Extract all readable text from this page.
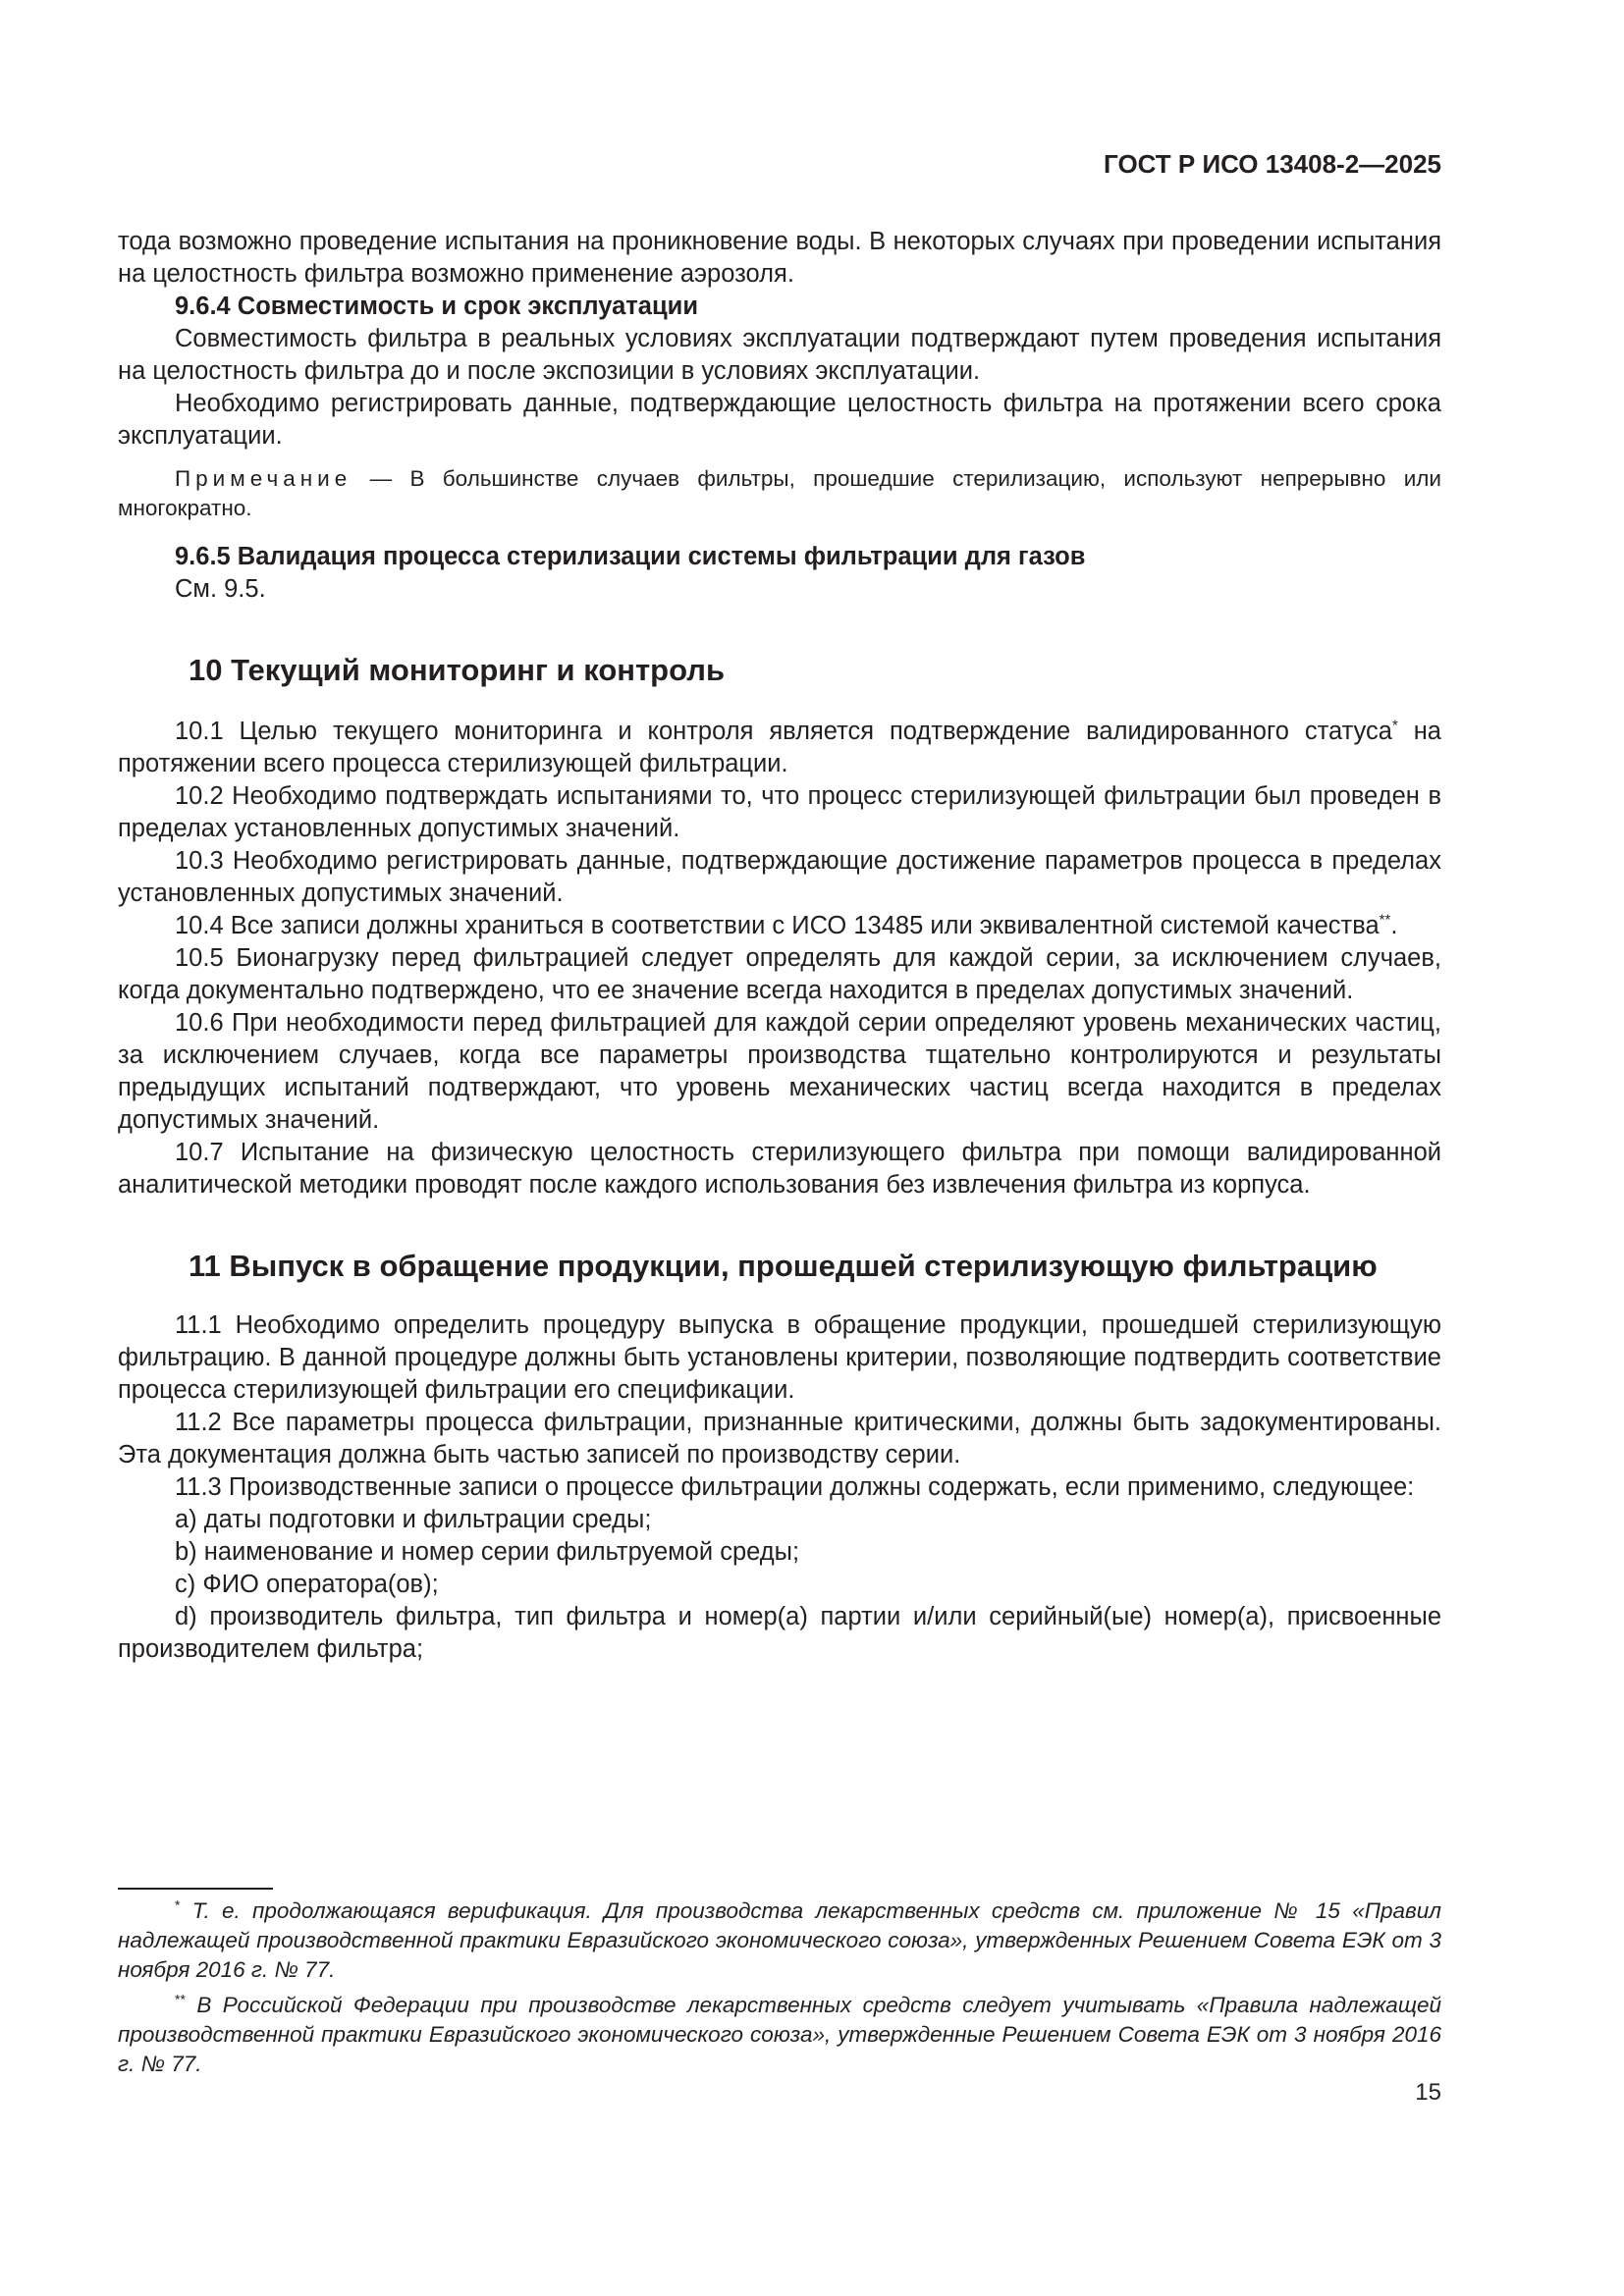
ГОСТ Р ИСО 13408-2—2025

тода возможно проведение испытания на проникновение воды. В некоторых случаях при проведении испытания на целостность фильтра возможно применение аэрозоля.

9.6.4 Совместимость и срок эксплуатации

Совместимость фильтра в реальных условиях эксплуатации подтверждают путем проведения испытания на целостность фильтра до и после экспозиции в условиях эксплуатации.

Необходимо регистрировать данные, подтверждающие целостность фильтра на протяжении всего срока эксплуатации.

Примечание — В большинстве случаев фильтры, прошедшие стерилизацию, используют непрерывно или многократно.

9.6.5 Валидация процесса стерилизации системы фильтрации для газов

См. 9.5.

10 Текущий мониторинг и контроль

10.1 Целью текущего мониторинга и контроля является подтверждение валидированного статуса* на протяжении всего процесса стерилизующей фильтрации.

10.2 Необходимо подтверждать испытаниями то, что процесс стерилизующей фильтрации был проведен в пределах установленных допустимых значений.

10.3 Необходимо регистрировать данные, подтверждающие достижение параметров процесса в пределах установленных допустимых значений.

10.4 Все записи должны храниться в соответствии с ИСО 13485 или эквивалентной системой качества**.

10.5 Бионагрузку перед фильтрацией следует определять для каждой серии, за исключением случаев, когда документально подтверждено, что ее значение всегда находится в пределах допустимых значений.

10.6 При необходимости перед фильтрацией для каждой серии определяют уровень механических частиц, за исключением случаев, когда все параметры производства тщательно контролируются и результаты предыдущих испытаний подтверждают, что уровень механических частиц всегда находится в пределах допустимых значений.

10.7 Испытание на физическую целостность стерилизующего фильтра при помощи валидированной аналитической методики проводят после каждого использования без извлечения фильтра из корпуса.

11 Выпуск в обращение продукции, прошедшей стерилизующую фильтрацию

11.1 Необходимо определить процедуру выпуска в обращение продукции, прошедшей стерилизующую фильтрацию. В данной процедуре должны быть установлены критерии, позволяющие подтвердить соответствие процесса стерилизующей фильтрации его спецификации.

11.2 Все параметры процесса фильтрации, признанные критическими, должны быть задокументированы. Эта документация должна быть частью записей по производству серии.

11.3 Производственные записи о процессе фильтрации должны содержать, если применимо, следующее:

a) даты подготовки и фильтрации среды;

b) наименование и номер серии фильтруемой среды;

c) ФИО оператора(ов);

d) производитель фильтра, тип фильтра и номер(а) партии и/или серийный(ые) номер(а), присвоенные производителем фильтра;

* Т. е. продолжающаяся верификация. Для производства лекарственных средств см. приложение № 15 «Правил надлежащей производственной практики Евразийского экономического союза», утвержденных Решением Совета ЕЭК от 3 ноября 2016 г. № 77.

** В Российской Федерации при производстве лекарственных средств следует учитывать «Правила надлежащей производственной практики Евразийского экономического союза», утвержденные Решением Совета ЕЭК от 3 ноября 2016 г. № 77.

15
